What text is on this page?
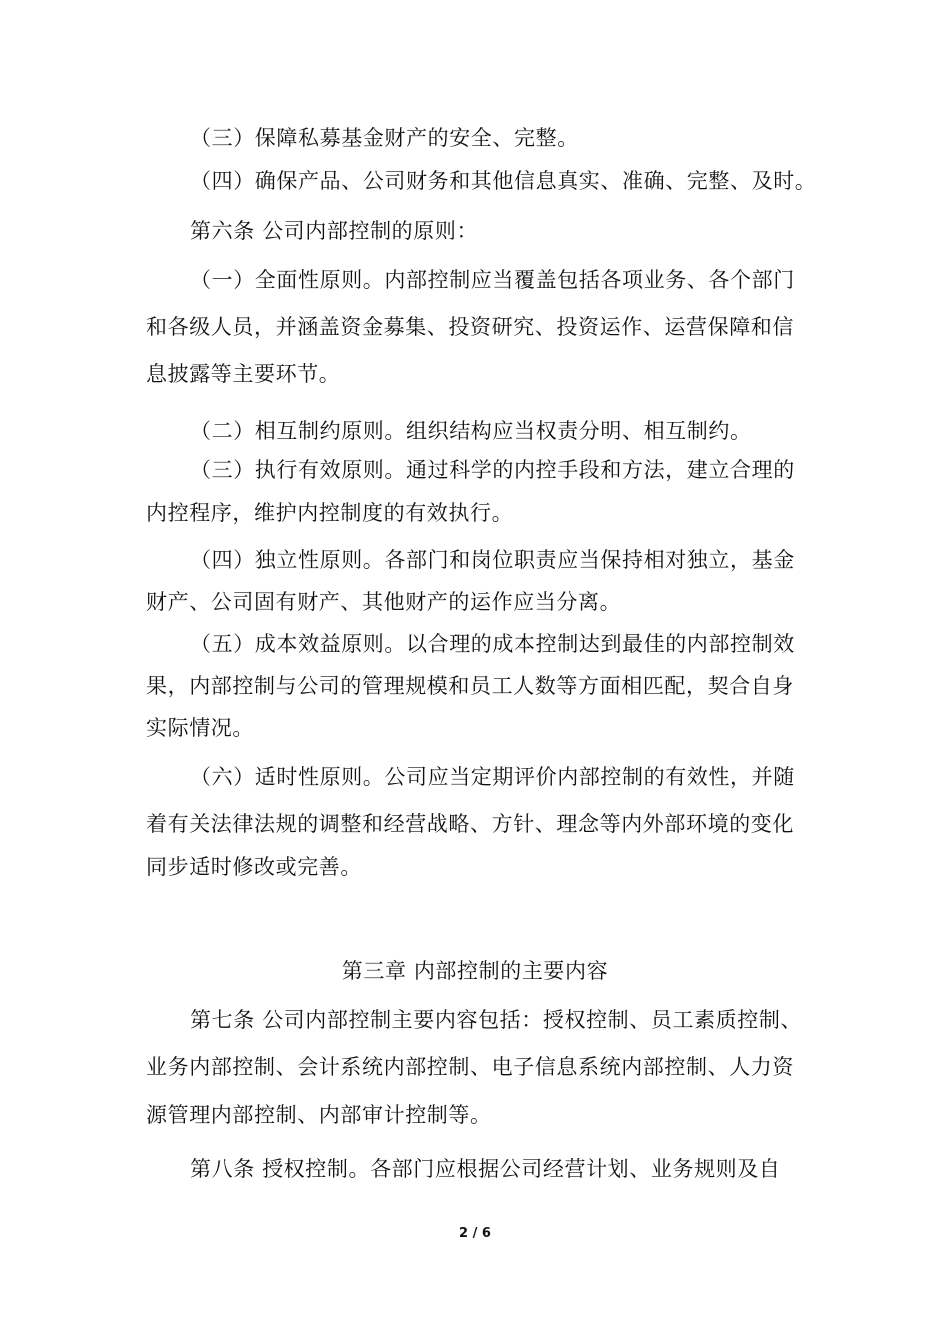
（三）保障私募基金财产的安全、完整。
（四）确保产品、公司财务和其他信息真实、准确、完整、及时。
第六条 公司内部控制的原则：
（一）全面性原则。内部控制应当覆盖包括各项业务、各个部门
和各级人员，并涵盖资金募集、投资研究、投资运作、运营保障和信
息披露等主要环节。
（二）相互制约原则。组织结构应当权责分明、相互制约。
（三）执行有效原则。通过科学的内控手段和方法，建立合理的
内控程序，维护内控制度的有效执行。
（四）独立性原则。各部门和岗位职责应当保持相对独立，基金
财产、公司固有财产、其他财产的运作应当分离。
（五）成本效益原则。以合理的成本控制达到最佳的内部控制效
果，内部控制与公司的管理规模和员工人数等方面相匹配，契合自身
实际情况。
（六）适时性原则。公司应当定期评价内部控制的有效性，并随
着有关法律法规的调整和经营战略、方针、理念等内外部环境的变化
同步适时修改或完善。
第三章 内部控制的主要内容
第七条 公司内部控制主要内容包括：授权控制、员工素质控制、
业务内部控制、会计系统内部控制、电子信息系统内部控制、人力资
源管理内部控制、内部审计控制等。
第八条 授权控制。各部门应根据公司经营计划、业务规则及自
2 / 6
